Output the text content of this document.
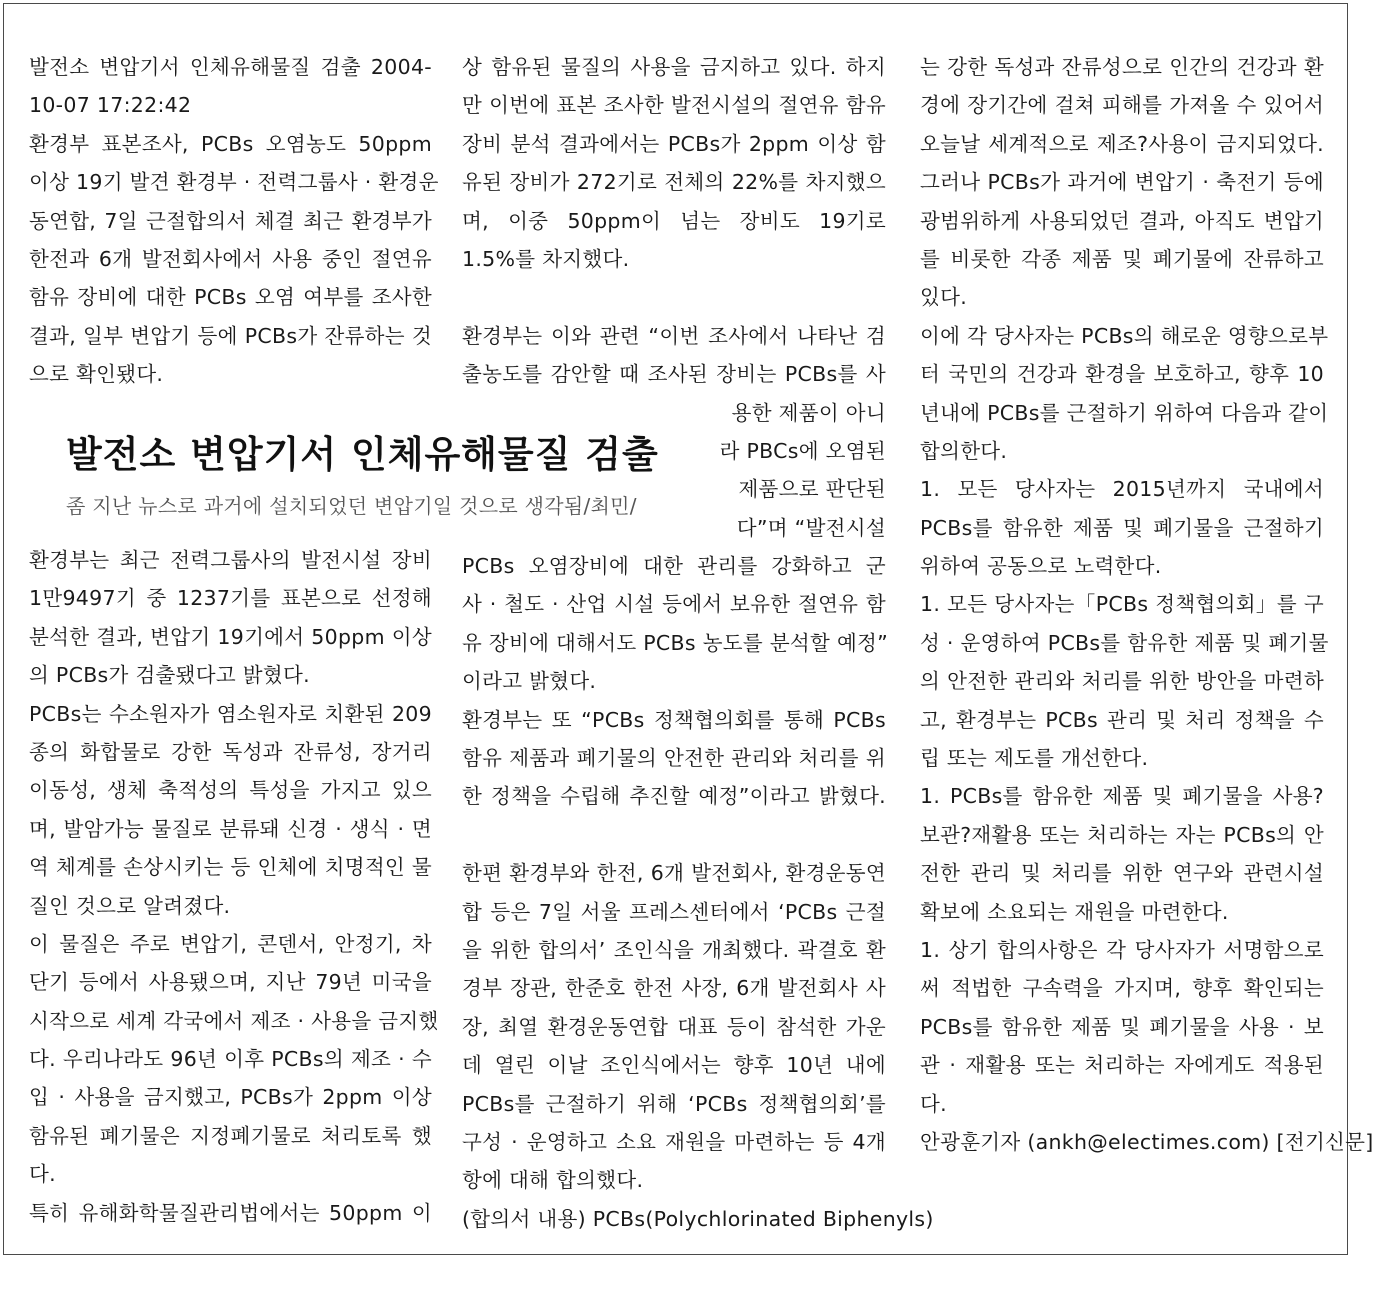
발전소 변압기서 인체유해물질 검출 2004-
10-07 17:22:42
환경부 표본조사, PCBs 오염농도 50ppm
이상 19기 발견 환경부 · 전력그룹사 · 환경운
동연합, 7일 근절합의서 체결 최근 환경부가
한전과 6개 발전회사에서 사용 중인 절연유
함유 장비에 대한 PCBs 오염 여부를 조사한
결과, 일부 변압기 등에 PCBs가 잔류하는 것
으로 확인됐다.
발전소 변압기서 인체유해물질 검출
좀 지난 뉴스로 과거에 설치되었던 변압기일 것으로 생각됨/최민/
환경부는 최근 전력그룹사의 발전시설 장비
1만9497기 중 1237기를 표본으로 선정해
분석한 결과, 변압기 19기에서 50ppm 이상
의 PCBs가 검출됐다고 밝혔다.
PCBs는 수소원자가 염소원자로 치환된 209
종의 화합물로 강한 독성과 잔류성, 장거리
이동성, 생체 축적성의 특성을 가지고 있으
며, 발암가능 물질로 분류돼 신경 · 생식 · 면
역 체계를 손상시키는 등 인체에 치명적인 물
질인 것으로 알려졌다.
이 물질은 주로 변압기, 콘덴서, 안정기, 차
단기 등에서 사용됐으며, 지난 79년 미국을
시작으로 세계 각국에서 제조 · 사용을 금지했
다. 우리나라도 96년 이후 PCBs의 제조 · 수
입 · 사용을 금지했고, PCBs가 2ppm 이상
함유된 폐기물은 지정폐기물로 처리토록 했
다.
특히 유해화학물질관리법에서는 50ppm 이
상 함유된 물질의 사용을 금지하고 있다. 하지
만 이번에 표본 조사한 발전시설의 절연유 함유
장비 분석 결과에서는 PCBs가 2ppm 이상 함
유된 장비가 272기로 전체의 22%를 차지했으
며, 이중 50ppm이 넘는 장비도 19기로
1.5%를 차지했다.
환경부는 이와 관련 “이번 조사에서 나타난 검
출농도를 감안할 때 조사된 장비는 PCBs를 사
용한 제품이 아니
라 PBCs에 오염된
제품으로 판단된
다”며 “발전시설
PCBs 오염장비에 대한 관리를 강화하고 군
사 · 철도 · 산업 시설 등에서 보유한 절연유 함
유 장비에 대해서도 PCBs 농도를 분석할 예정”
이라고 밝혔다.
환경부는 또 “PCBs 정책협의회를 통해 PCBs
함유 제품과 폐기물의 안전한 관리와 처리를 위
한 정책을 수립해 추진할 예정”이라고 밝혔다.
한편 환경부와 한전, 6개 발전회사, 환경운동연
합 등은 7일 서울 프레스센터에서 ‘PCBs 근절
을 위한 합의서’ 조인식을 개최했다. 곽결호 환
경부 장관, 한준호 한전 사장, 6개 발전회사 사
장, 최열 환경운동연합 대표 등이 참석한 가운
데 열린 이날 조인식에서는 향후 10년 내에
PCBs를 근절하기 위해 ‘PCBs 정책협의회’를
구성 · 운영하고 소요 재원을 마련하는 등 4개
항에 대해 합의했다.
(합의서 내용) PCBs(Polychlorinated Biphenyls)
는 강한 독성과 잔류성으로 인간의 건강과 환
경에 장기간에 걸쳐 피해를 가져올 수 있어서
오늘날 세계적으로 제조?사용이 금지되었다.
그러나 PCBs가 과거에 변압기 · 축전기 등에
광범위하게 사용되었던 결과, 아직도 변압기
를 비롯한 각종 제품 및 폐기물에 잔류하고
있다.
이에 각 당사자는 PCBs의 해로운 영향으로부
터 국민의 건강과 환경을 보호하고, 향후 10
년내에 PCBs를 근절하기 위하여 다음과 같이
합의한다.
1. 모든 당사자는 2015년까지 국내에서
PCBs를 함유한 제품 및 폐기물을 근절하기
위하여 공동으로 노력한다.
1. 모든 당사자는「PCBs 정책협의회」를 구
성 · 운영하여 PCBs를 함유한 제품 및 폐기물
의 안전한 관리와 처리를 위한 방안을 마련하
고, 환경부는 PCBs 관리 및 처리 정책을 수
립 또는 제도를 개선한다.
1. PCBs를 함유한 제품 및 폐기물을 사용?
보관?재활용 또는 처리하는 자는 PCBs의 안
전한 관리 및 처리를 위한 연구와 관련시설
확보에 소요되는 재원을 마련한다.
1. 상기 합의사항은 각 당사자가 서명함으로
써 적법한 구속력을 가지며, 향후 확인되는
PCBs를 함유한 제품 및 폐기물을 사용 · 보
관 · 재활용 또는 처리하는 자에게도 적용된
다.
안광훈기자 (ankh@electimes.com) [전기신문]
